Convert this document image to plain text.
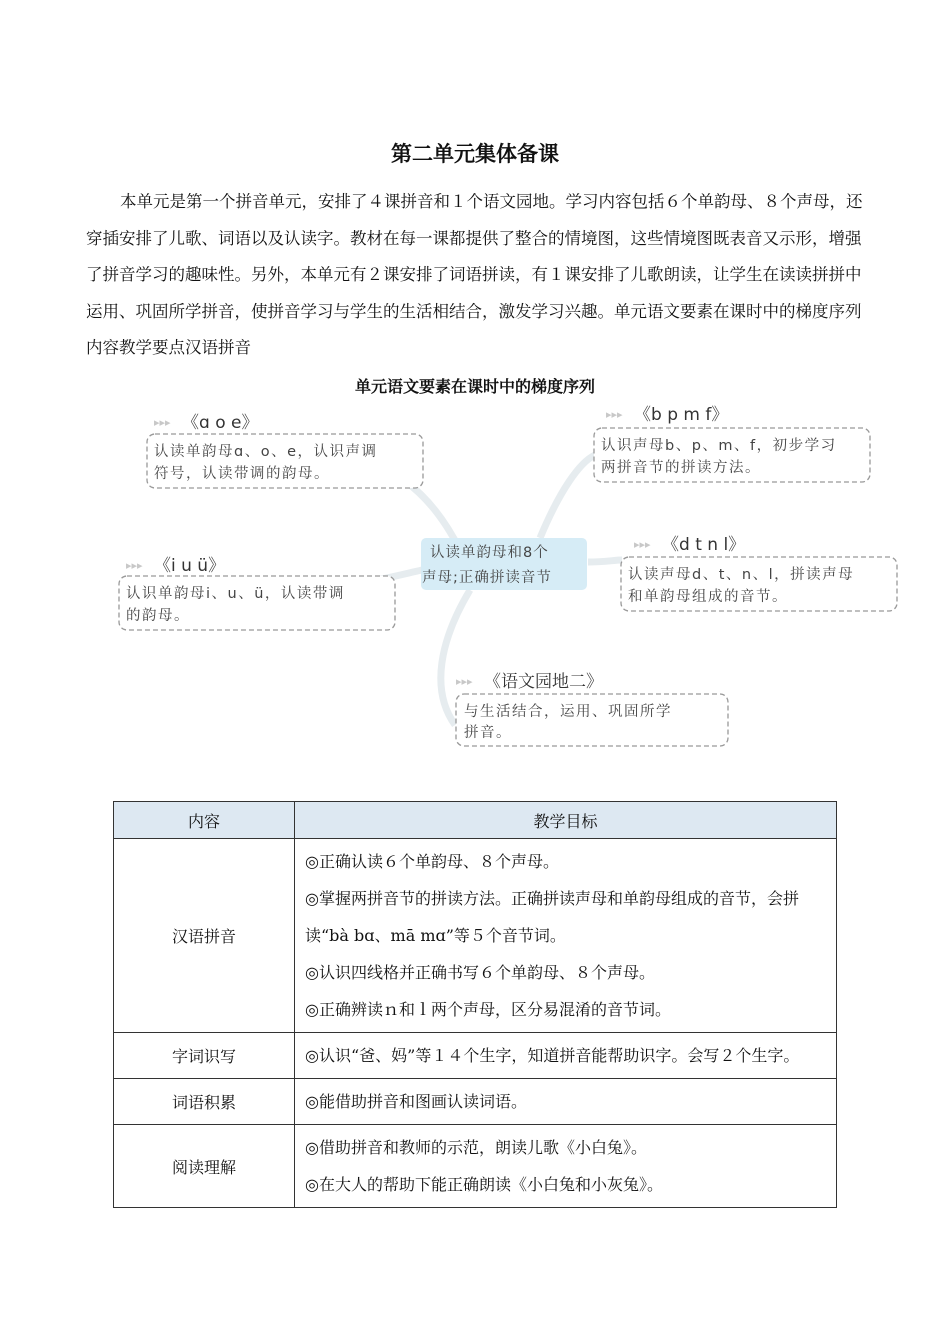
第二单元集体备课

本单元是第一个拼音单元，安排了４课拼音和１个语文园地。学习内容包括６个单韵母、８个声母，还穿插安排了儿歌、词语以及认读字。教材在每一课都提供了整合的情境图，这些情境图既表音又示形，增强了拼音学习的趣味性。另外，本单元有２课安排了词语拼读，有１课安排了儿歌朗读，让学生在读读拼拼中运用、巩固所学拼音，使拼音学习与学生的生活相结合，激发学习兴趣。单元语文要素在课时中的梯度序列内容教学要点汉语拼音

单元语文要素在课时中的梯度序列
认读单韵母和8个
声母;正确拼读音节
▸▸▸ 《ɑ o e》
认读单韵母ɑ、o、e，认识声调
符号，认读带调的韵母。
▸▸▸ 《i u ü》
认识单韵母i、u、ü，认读带调
的韵母。
▸▸▸ 《b p m f》
认识声母b、p、m、f，初步学习
两拼音节的拼读方法。
▸▸▸ 《d t n l》
认读声母d、t、n、l，拼读声母
和单韵母组成的音节。
▸▸▸ 《语文园地二》
与生活结合，运用、巩固所学
拼音。
内容	教学目标
汉语拼音	◎正确认读６个单韵母、８个声母。
◎掌握两拼音节的拼读方法。正确拼读声母和单韵母组成的音节，会拼读“bà bɑ、mā mɑ”等５个音节词。
◎认识四线格并正确书写６个单韵母、８个声母。
◎正确辨读ｎ和ｌ两个声母，区分易混淆的音节词。

字词识写	◎认识“爸、妈”等１４个生字，知道拼音能帮助识字。会写２个生字。

词语积累	◎能借助拼音和图画认读词语。

阅读理解	◎借助拼音和教师的示范，朗读儿歌《小白兔》。
◎在大人的帮助下能正确朗读《小白兔和小灰兔》。
